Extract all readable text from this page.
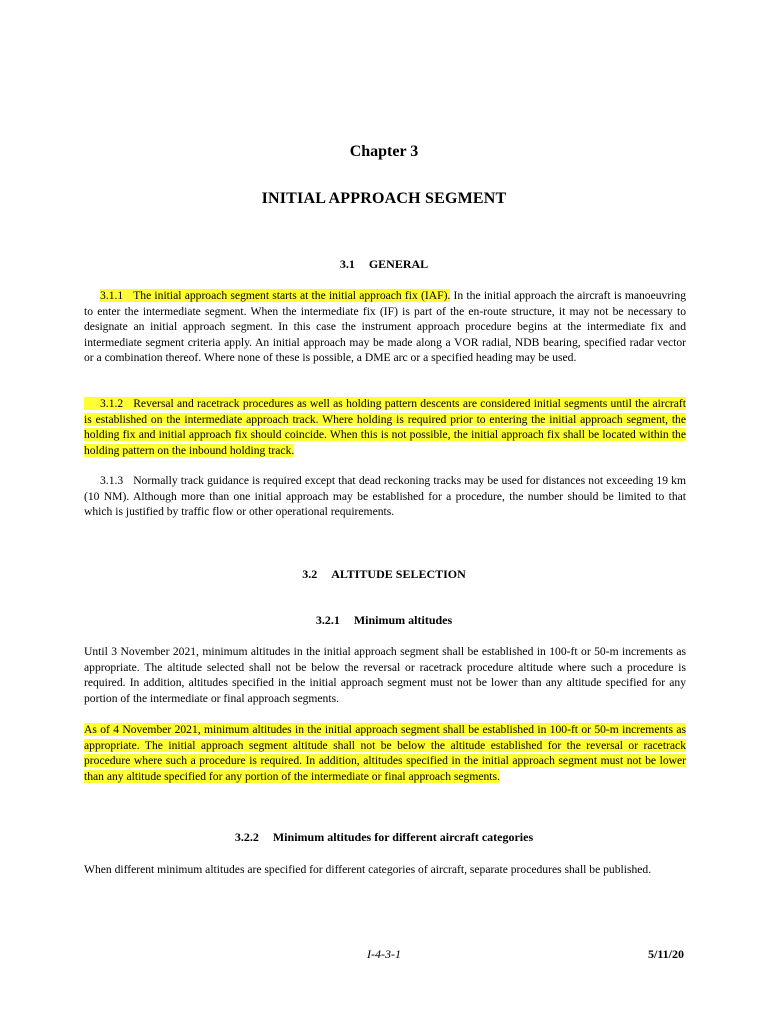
Chapter 3
INITIAL APPROACH SEGMENT
3.1 GENERAL

3.1.1 The initial approach segment starts at the initial approach fix (IAF). In the initial approach the aircraft is manoeuvring to enter the intermediate segment. When the intermediate fix (IF) is part of the en-route structure, it may not be necessary to designate an initial approach segment. In this case the instrument approach procedure begins at the intermediate fix and intermediate segment criteria apply. An initial approach may be made along a VOR radial, NDB bearing, specified radar vector or a combination thereof. Where none of these is possible, a DME arc or a specified heading may be used.

3.1.2 Reversal and racetrack procedures as well as holding pattern descents are considered initial segments until the aircraft is established on the intermediate approach track. Where holding is required prior to entering the initial approach segment, the holding fix and initial approach fix should coincide. When this is not possible, the initial approach fix shall be located within the holding pattern on the inbound holding track.

3.1.3 Normally track guidance is required except that dead reckoning tracks may be used for distances not exceeding 19 km (10 NM). Although more than one initial approach may be established for a procedure, the number should be limited to that which is justified by traffic flow or other operational requirements.

3.2 ALTITUDE SELECTION
3.2.1 Minimum altitudes

Until 3 November 2021, minimum altitudes in the initial approach segment shall be established in 100-ft or 50-m increments as appropriate. The altitude selected shall not be below the reversal or racetrack procedure altitude where such a procedure is required. In addition, altitudes specified in the initial approach segment must not be lower than any altitude specified for any portion of the intermediate or final approach segments.

As of 4 November 2021, minimum altitudes in the initial approach segment shall be established in 100-ft or 50-m increments as appropriate. The initial approach segment altitude shall not be below the altitude established for the reversal or racetrack procedure where such a procedure is required. In addition, altitudes specified in the initial approach segment must not be lower than any altitude specified for any portion of the intermediate or final approach segments.

3.2.2 Minimum altitudes for different aircraft categories

When different minimum altitudes are specified for different categories of aircraft, separate procedures shall be published.

I-4-3-1	5/11/20
